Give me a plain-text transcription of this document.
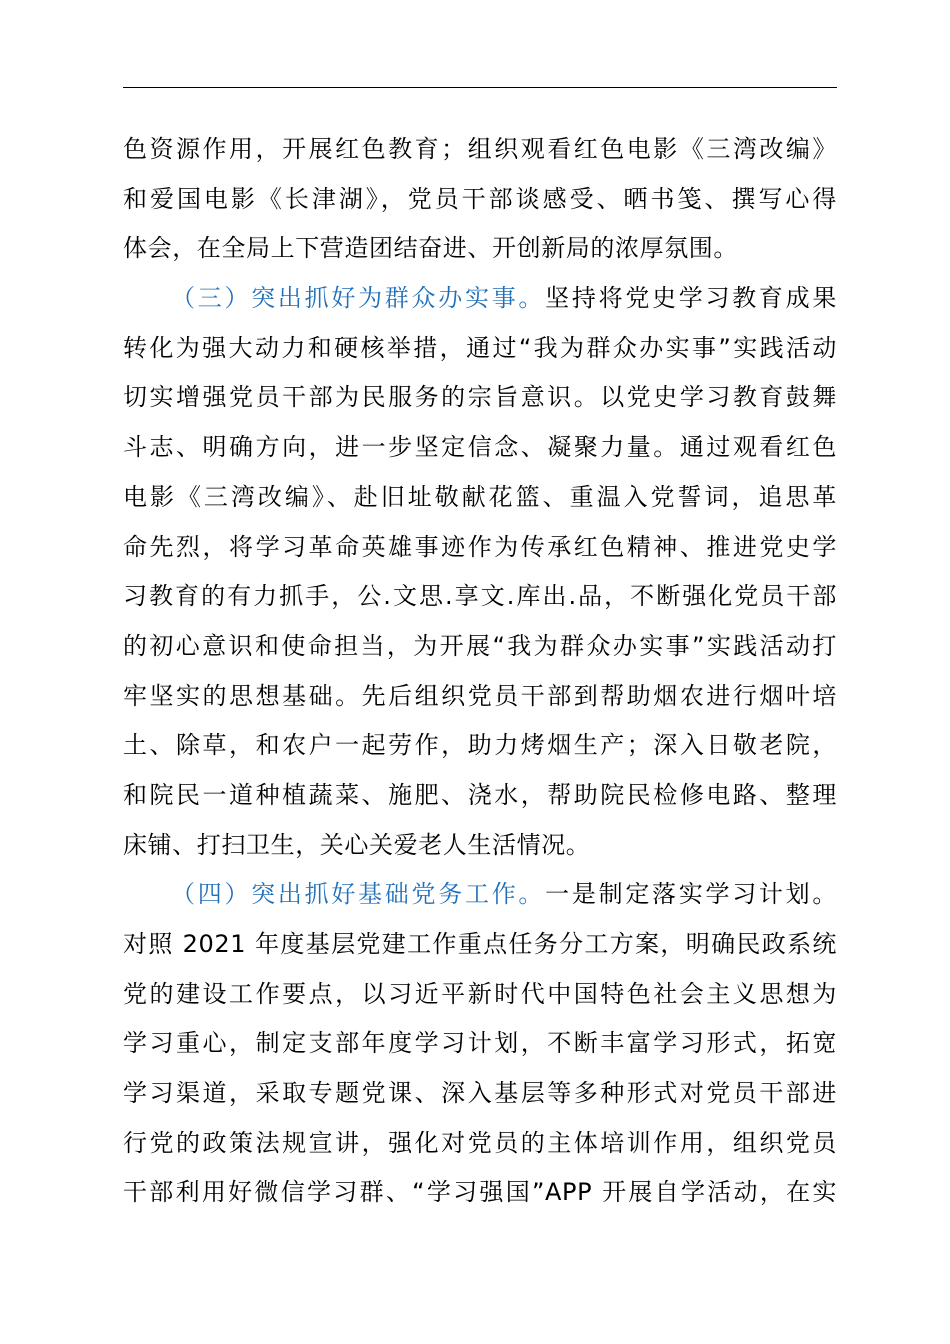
色资源作用，开展红色教育；组织观看红色电影《三湾改编》
和爱国电影《长津湖》，党员干部谈感受、晒书笺、撰写心得
体会，在全局上下营造团结奋进、开创新局的浓厚氛围。
（三）突出抓好为群众办实事。坚持将党史学习教育成果
转化为强大动力和硬核举措，通过“我为群众办实事”实践活动
切实增强党员干部为民服务的宗旨意识。以党史学习教育鼓舞
斗志、明确方向，进一步坚定信念、凝聚力量。通过观看红色
电影《三湾改编》、赴旧址敬献花篮、重温入党誓词，追思革
命先烈，将学习革命英雄事迹作为传承红色精神、推进党史学
习教育的有力抓手，公.文思.享文.库出.品，不断强化党员干部
的初心意识和使命担当，为开展“我为群众办实事”实践活动打
牢坚实的思想基础。先后组织党员干部到帮助烟农进行烟叶培
土、除草，和农户一起劳作，助力烤烟生产；深入日敬老院，
和院民一道种植蔬菜、施肥、浇水，帮助院民检修电路、整理
床铺、打扫卫生，关心关爱老人生活情况。
（四）突出抓好基础党务工作。一是制定落实学习计划。
对照 2021 年度基层党建工作重点任务分工方案，明确民政系统
党的建设工作要点，以习近平新时代中国特色社会主义思想为
学习重心，制定支部年度学习计划，不断丰富学习形式，拓宽
学习渠道，采取专题党课、深入基层等多种形式对党员干部进
行党的政策法规宣讲，强化对党员的主体培训作用，组织党员
干部利用好微信学习群、“学习强国”APP 开展自学活动，在实
